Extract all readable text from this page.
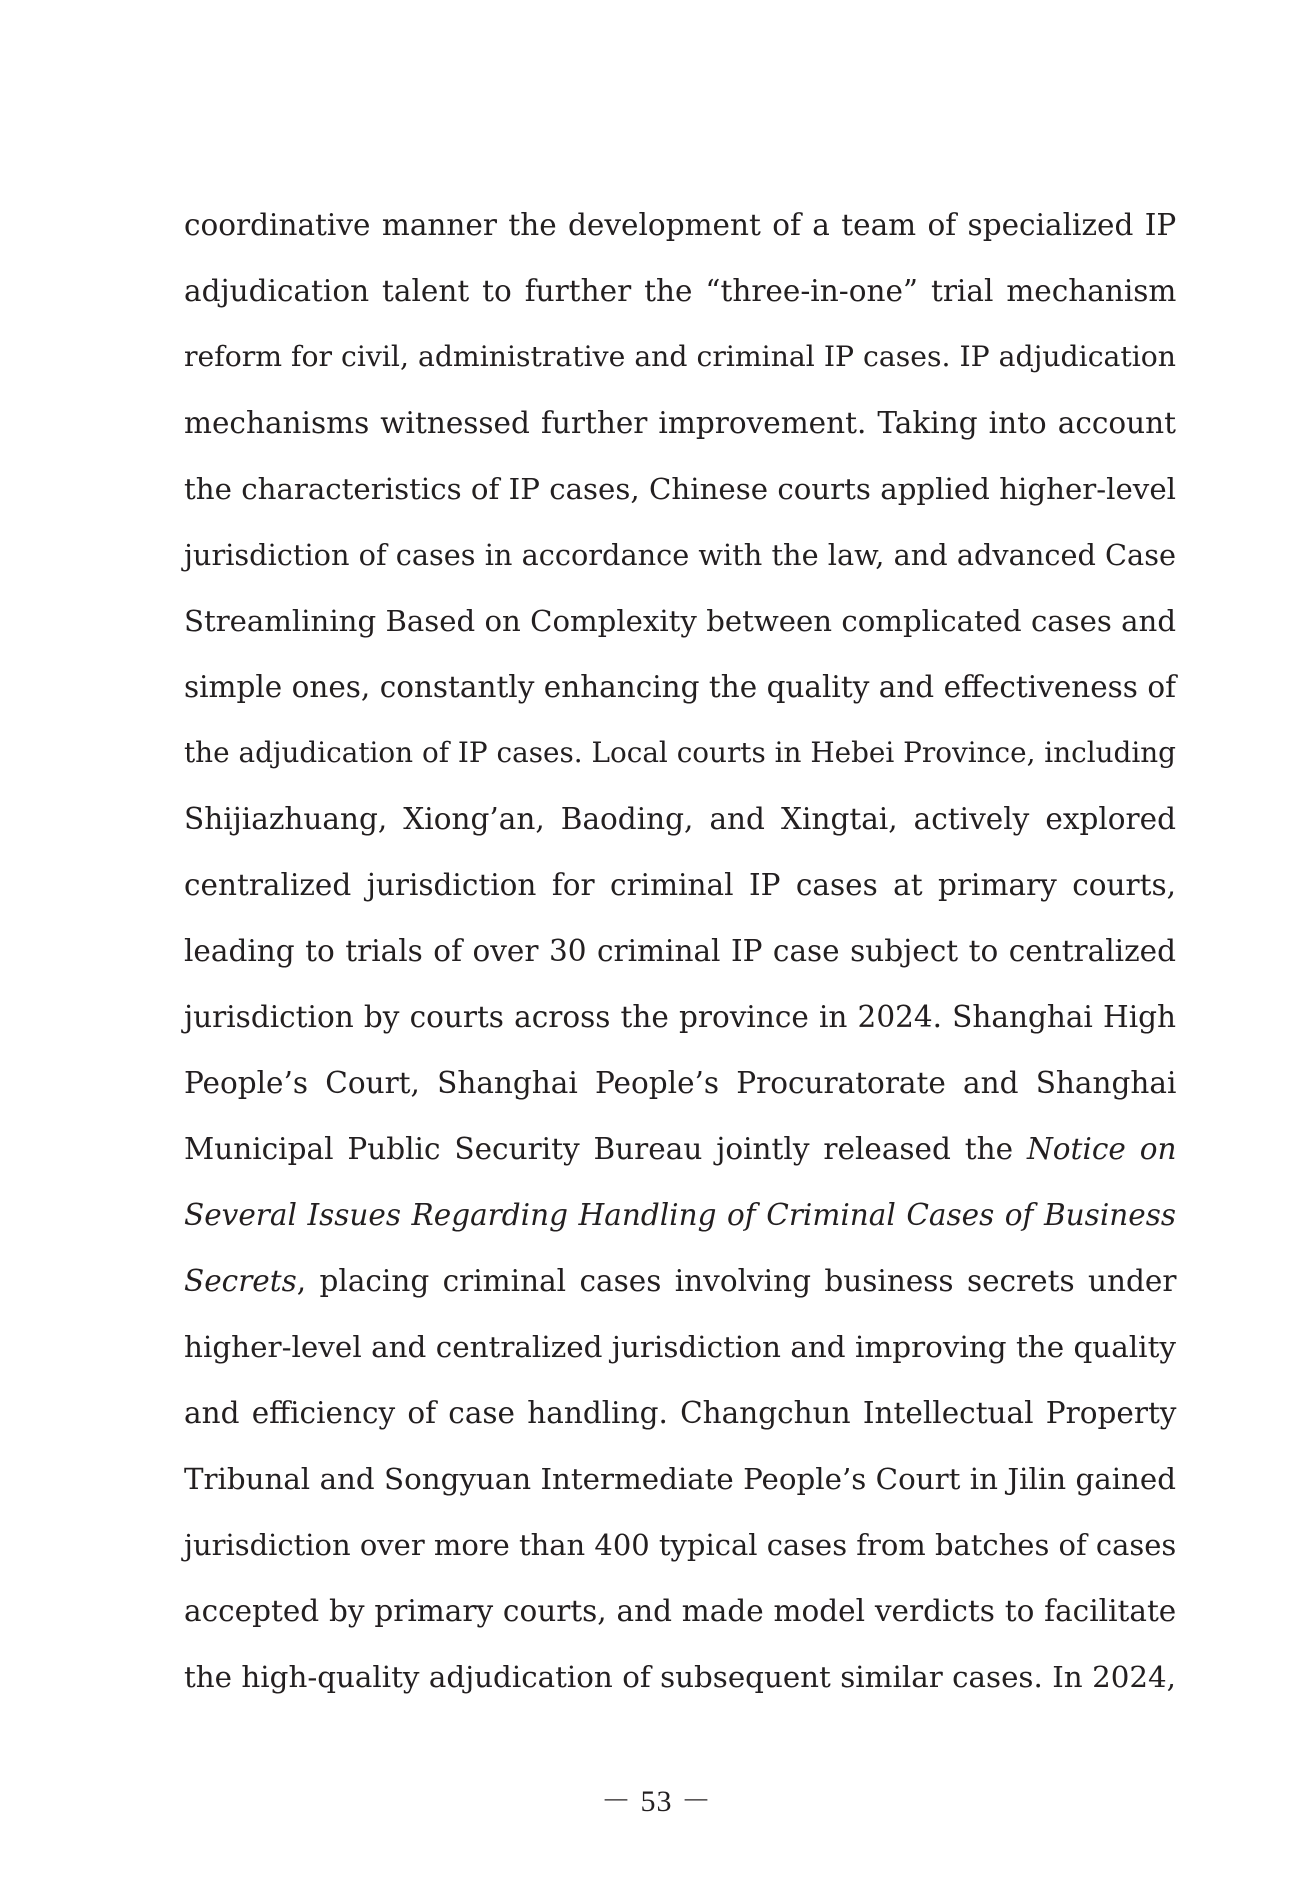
coordinative manner the development of a team of specialized IP
adjudication talent to further the “three-in-one” trial mechanism
reform for civil, administrative and criminal IP cases. IP adjudication
mechanisms witnessed further improvement. Taking into account
the characteristics of IP cases, Chinese courts applied higher-level
jurisdiction of cases in accordance with the law, and advanced Case
Streamlining Based on Complexity between complicated cases and
simple ones, constantly enhancing the quality and effectiveness of
the adjudication of IP cases. Local courts in Hebei Province, including
Shijiazhuang, Xiong’an, Baoding, and Xingtai, actively explored
centralized jurisdiction for criminal IP cases at primary courts,
leading to trials of over 30 criminal IP case subject to centralized
jurisdiction by courts across the province in 2024. Shanghai High
People’s Court, Shanghai People’s Procuratorate and Shanghai
Municipal Public Security Bureau jointly released the Notice on
Several Issues Regarding Handling of Criminal Cases of Business
Secrets, placing criminal cases involving business secrets under
higher-level and centralized jurisdiction and improving the quality
and efficiency of case handling. Changchun Intellectual Property
Tribunal and Songyuan Intermediate People’s Court in Jilin gained
jurisdiction over more than 400 typical cases from batches of cases
accepted by primary courts, and made model verdicts to facilitate
the high-quality adjudication of subsequent similar cases. In 2024,
－ 53 －
